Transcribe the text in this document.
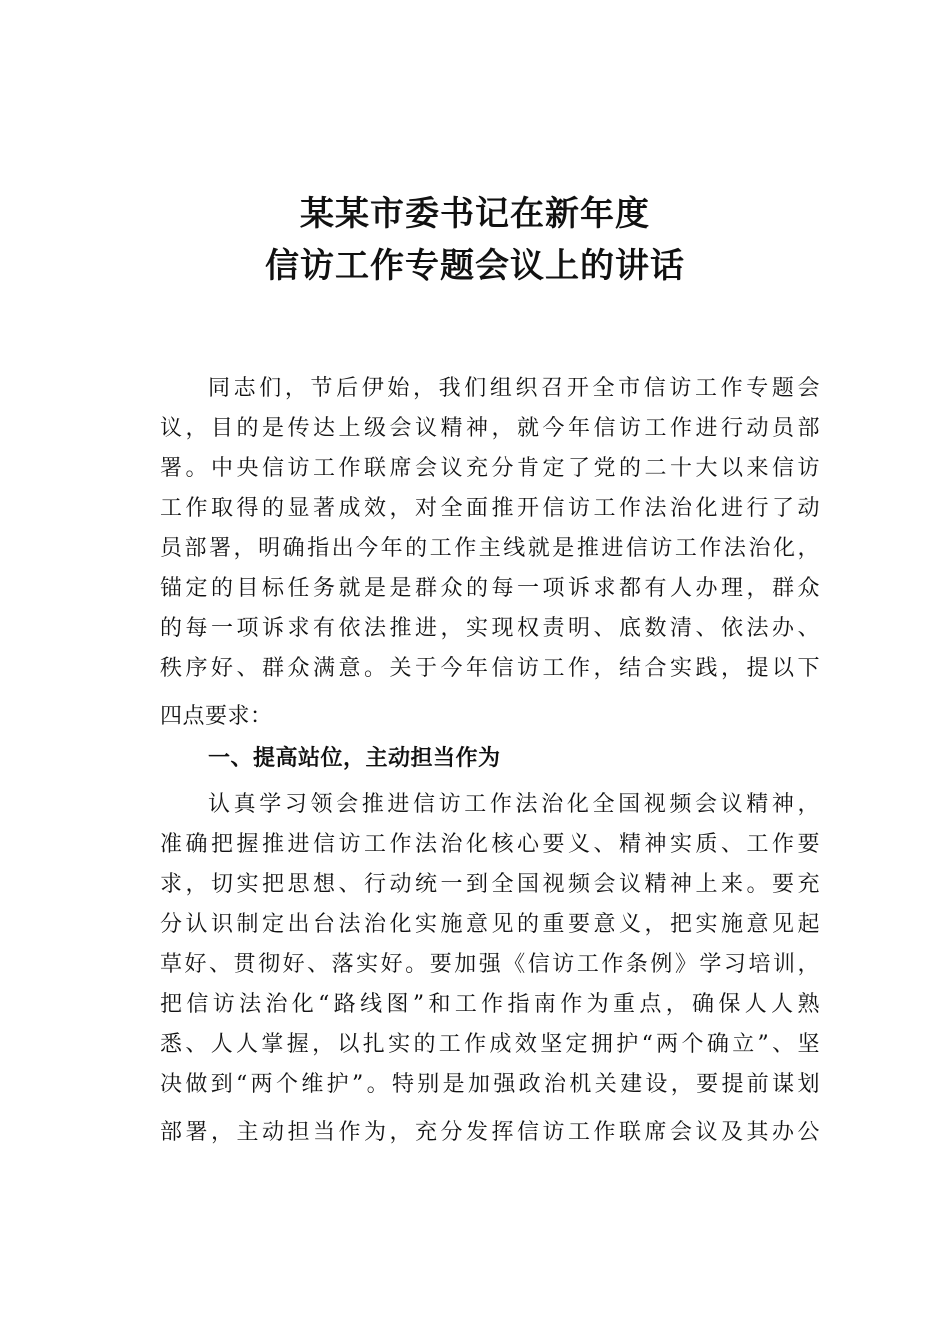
某某市委书记在新年度
信访工作专题会议上的讲话
同志们，节后伊始，我们组织召开全市信访工作专题会
议，目的是传达上级会议精神，就今年信访工作进行动员部
署。中央信访工作联席会议充分肯定了党的二十大以来信访
工作取得的显著成效，对全面推开信访工作法治化进行了动
员部署，明确指出今年的工作主线就是推进信访工作法治化，
锚定的目标任务就是是群众的每一项诉求都有人办理，群众
的每一项诉求有依法推进，实现权责明、底数清、依法办、
秩序好、群众满意。关于今年信访工作，结合实践，提以下
四点要求：
一、提高站位，主动担当作为
认真学习领会推进信访工作法治化全国视频会议精神，
准确把握推进信访工作法治化核心要义、精神实质、工作要
求，切实把思想、行动统一到全国视频会议精神上来。要充
分认识制定出台法治化实施意见的重要意义，把实施意见起
草好、贯彻好、落实好。要加强《信访工作条例》学习培训，
把信访法治化“路线图”和工作指南作为重点，确保人人熟
悉、人人掌握，以扎实的工作成效坚定拥护“两个确立”、坚
决做到“两个维护”。特别是加强政治机关建设，要提前谋划
部署，主动担当作为，充分发挥信访工作联席会议及其办公
